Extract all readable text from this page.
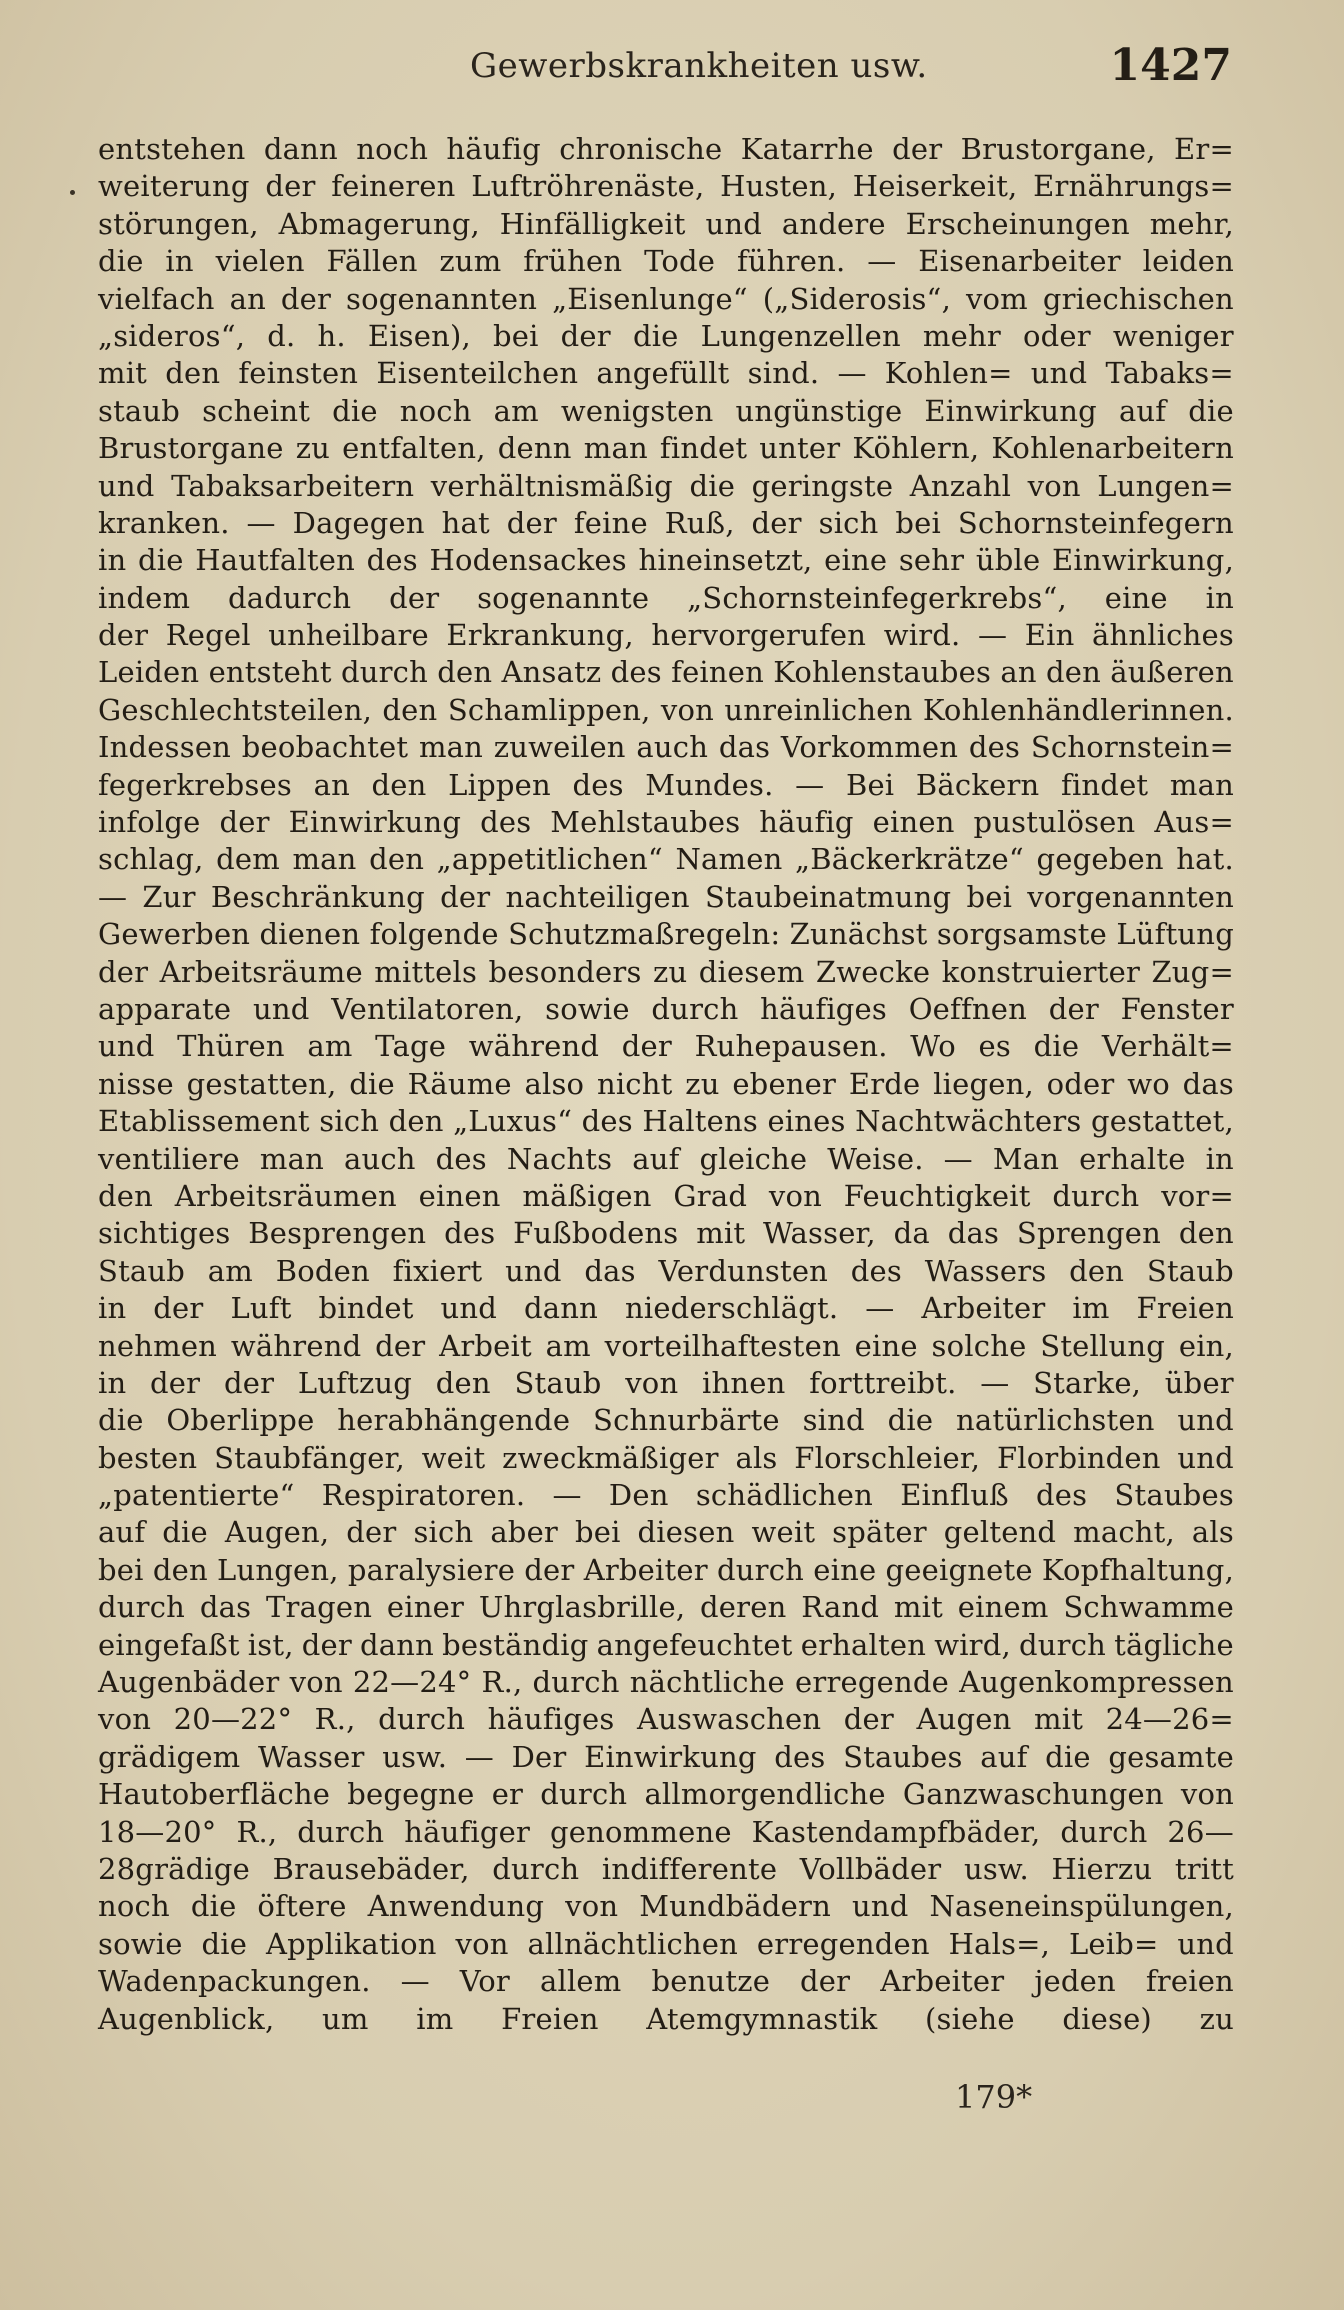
Gewerbskrankheiten usw.	1427
entstehen dann noch häufig chronische Katarrhe der Brustorgane, Er=
weiterung der feineren Luftröhrenäste, Husten, Heiserkeit, Ernährungs=
störungen, Abmagerung, Hinfälligkeit und andere Erscheinungen mehr,
die in vielen Fällen zum frühen Tode führen. — Eisenarbeiter leiden
vielfach an der sogenannten „Eisenlunge“ („Siderosis“, vom griechischen
„sideros“, d. h. Eisen), bei der die Lungenzellen mehr oder weniger
mit den feinsten Eisenteilchen angefüllt sind. — Kohlen= und Tabaks=
staub scheint die noch am wenigsten ungünstige Einwirkung auf die
Brustorgane zu entfalten, denn man findet unter Köhlern, Kohlenarbeitern
und Tabaksarbeitern verhältnismäßig die geringste Anzahl von Lungen=
kranken. — Dagegen hat der feine Ruß, der sich bei Schornsteinfegern
in die Hautfalten des Hodensackes hineinsetzt, eine sehr üble Einwirkung,
indem dadurch der sogenannte „Schornsteinfegerkrebs“, eine in
der Regel unheilbare Erkrankung, hervorgerufen wird. — Ein ähnliches
Leiden entsteht durch den Ansatz des feinen Kohlenstaubes an den äußeren
Geschlechtsteilen, den Schamlippen, von unreinlichen Kohlenhändlerinnen.
Indessen beobachtet man zuweilen auch das Vorkommen des Schornstein=
fegerkrebses an den Lippen des Mundes. — Bei Bäckern findet man
infolge der Einwirkung des Mehlstaubes häufig einen pustulösen Aus=
schlag, dem man den „appetitlichen“ Namen „Bäckerkrätze“ gegeben hat.
— Zur Beschränkung der nachteiligen Staubeinatmung bei vorgenannten
Gewerben dienen folgende Schutzmaßregeln: Zunächst sorgsamste Lüftung
der Arbeitsräume mittels besonders zu diesem Zwecke konstruierter Zug=
apparate und Ventilatoren, sowie durch häufiges Oeffnen der Fenster
und Thüren am Tage während der Ruhepausen. Wo es die Verhält=
nisse gestatten, die Räume also nicht zu ebener Erde liegen, oder wo das
Etablissement sich den „Luxus“ des Haltens eines Nachtwächters gestattet,
ventiliere man auch des Nachts auf gleiche Weise. — Man erhalte in
den Arbeitsräumen einen mäßigen Grad von Feuchtigkeit durch vor=
sichtiges Besprengen des Fußbodens mit Wasser, da das Sprengen den
Staub am Boden fixiert und das Verdunsten des Wassers den Staub
in der Luft bindet und dann niederschlägt. — Arbeiter im Freien
nehmen während der Arbeit am vorteilhaftesten eine solche Stellung ein,
in der der Luftzug den Staub von ihnen forttreibt. — Starke, über
die Oberlippe herabhängende Schnurbärte sind die natürlichsten und
besten Staubfänger, weit zweckmäßiger als Florschleier, Florbinden und
„patentierte“ Respiratoren. — Den schädlichen Einfluß des Staubes
auf die Augen, der sich aber bei diesen weit später geltend macht, als
bei den Lungen, paralysiere der Arbeiter durch eine geeignete Kopfhaltung,
durch das Tragen einer Uhrglasbrille, deren Rand mit einem Schwamme
eingefaßt ist, der dann beständig angefeuchtet erhalten wird, durch tägliche
Augenbäder von 22—24° R., durch nächtliche erregende Augenkompressen
von 20—22° R., durch häufiges Auswaschen der Augen mit 24—26=
grädigem Wasser usw. — Der Einwirkung des Staubes auf die gesamte
Hautoberfläche begegne er durch allmorgendliche Ganzwaschungen von
18—20° R., durch häufiger genommene Kastendampfbäder, durch 26—
28grädige Brausebäder, durch indifferente Vollbäder usw. Hierzu tritt
noch die öftere Anwendung von Mundbädern und Naseneinspülungen,
sowie die Applikation von allnächtlichen erregenden Hals=, Leib= und
Wadenpackungen. — Vor allem benutze der Arbeiter jeden freien
Augenblick, um im Freien Atemgymnastik (siehe diese) zu
179*
